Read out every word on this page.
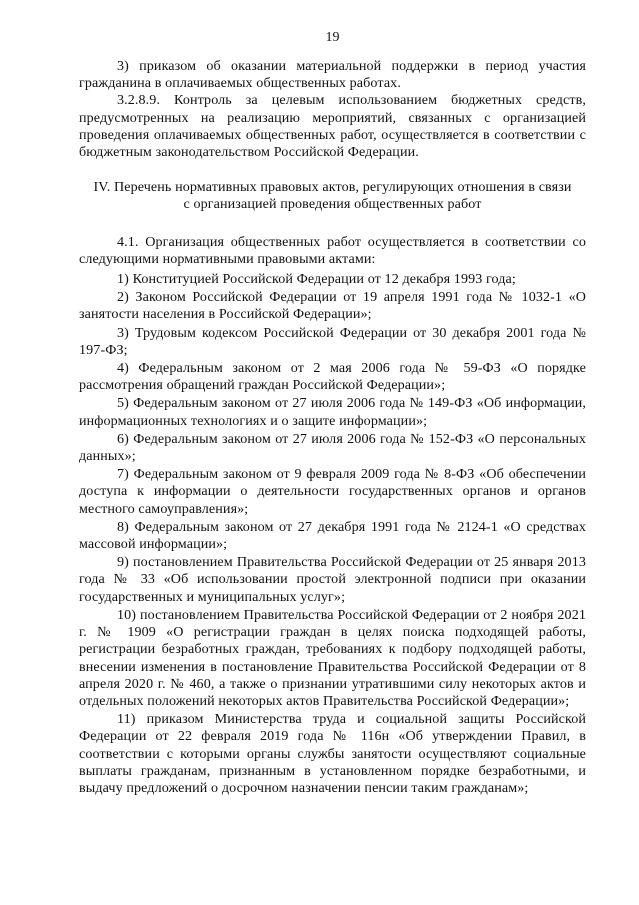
19

3) приказом об оказании материальной поддержки в период участия гражданина в оплачиваемых общественных работах.

3.2.8.9. Контроль за целевым использованием бюджетных средств, предусмотренных на реализацию мероприятий, связанных с организацией проведения оплачиваемых общественных работ, осуществляется в соответствии с бюджетным законодательством Российской Федерации.

IV. Перечень нормативных правовых актов, регулирующих отношения в связи с организацией проведения общественных работ

4.1. Организация общественных работ осуществляется в соответствии со следующими нормативными правовыми актами:

1) Конституцией Российской Федерации от 12 декабря 1993 года;

2) Законом Российской Федерации от 19 апреля 1991 года № 1032-1 «О занятости населения в Российской Федерации»;

3) Трудовым кодексом Российской Федерации от 30 декабря 2001 года № 197-ФЗ;

4) Федеральным законом от 2 мая 2006 года № 59-ФЗ «О порядке рассмотрения обращений граждан Российской Федерации»;

5) Федеральным законом от 27 июля 2006 года № 149-ФЗ «Об информации, информационных технологиях и о защите информации»;

6) Федеральным законом от 27 июля 2006 года № 152-ФЗ «О персональных данных»;

7) Федеральным законом от 9 февраля 2009 года № 8-ФЗ «Об обеспечении доступа к информации о деятельности государственных органов и органов местного самоуправления»;

8) Федеральным законом от 27 декабря 1991 года № 2124-1 «О средствах массовой информации»;

9) постановлением Правительства Российской Федерации от 25 января 2013 года № 33 «Об использовании простой электронной подписи при оказании государственных и муниципальных услуг»;

10) постановлением Правительства Российской Федерации от 2 ноября 2021 г. № 1909 «О регистрации граждан в целях поиска подходящей работы, регистрации безработных граждан, требованиях к подбору подходящей работы, внесении изменения в постановление Правительства Российской Федерации от 8 апреля 2020 г. № 460, а также о признании утратившими силу некоторых актов и отдельных положений некоторых актов Правительства Российской Федерации»;

11) приказом Министерства труда и социальной защиты Российской Федерации от 22 февраля 2019 года № 116н «Об утверждении Правил, в соответствии с которыми органы службы занятости осуществляют социальные выплаты гражданам, признанным в установленном порядке безработными, и выдачу предложений о досрочном назначении пенсии таким гражданам»;
